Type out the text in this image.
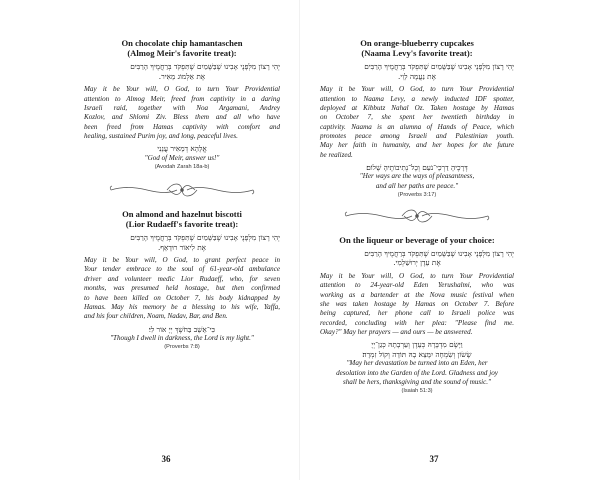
On chocolate chip hamantaschen
(Almog Meir's favorite treat):
יְהִי רָצוֹן מִלְּפָנֶי אָבִינוּ שֶׁבַּשָּׁמַיִם שֶׁתִּפְקֹד בְּרַחֲמֶיךָ הָרַבִּים
אֶת אַלְמוֹג מֵאִיר.
May it be Your will, O God, to turn Your Providential
attention to Almog Meir, freed from captivity in a daring
Israeli raid, together with Noa Argamani, Andrey
Kozlov, and Shlomi Ziv. Bless them and all who have
been freed from Hamas captivity with comfort and
healing, sustained Purim joy, and long, peaceful lives.
אֱלָהָא דְמֵאִיר עֲנֵנִי
"God of Meir, answer us!"
(Avodah Zarah 18a-b)
On almond and hazelnut biscotti
(Lior Rudaeff's favorite treat):
יְהִי רָצוֹן מִלְּפָנֶי אָבִינוּ שֶׁבַּשָּׁמַיִם שֶׁתִּפְקֹד בְּרַחֲמֶיךָ הָרַבִּים
אֶת לִיאוֹר רוּדָאֵף.
May it be Your will, O God, to grant perfect peace in
Your tender embrace to the soul of 61-year-old ambulance
driver and volunteer medic Lior Rudaeff, who, for seven
months, was presumed held hostage, but then confirmed
to have been killed on October 7, his body kidnapped by
Hamas. May his memory be a blessing to his wife, Yaffa,
and his four children, Noam, Nadav, Bar, and Ben.
כִּי־אֵשֵׁב בַּחֹשֶׁךְ יְיָ אוֹר לִי׃
"Though I dwell in darkness, the Lord is my light."
(Proverbs 7:8)
36
On orange-blueberry cupcakes
(Naama Levy's favorite treat):
יְהִי רָצוֹן מִלְּפָנֶי אָבִינוּ שֶׁבַּשָּׁמַיִם שֶׁתִּפְקֹד בְּרַחֲמֶיךָ הָרַבִּים
אֶת נַעֲמָה לֵוִי.
May it be Your will, O God, to turn Your Providential
attention to Naama Levy, a newly inducted IDF spotter,
deployed at Kibbutz Nahal Oz. Taken hostage by Hamas
on October 7, she spent her twentieth birthday in
captivity. Naama is an alumna of Hands of Peace, which
promotes peace among Israeli and Palestinian youth.
May her faith in humanity, and her hopes for the future
be realized.
דְּרָכֶיהָ דַרְכֵי־נֹעַם וְכָל־נְתִיבוֹתֶיהָ שָׁלוֹם׃
"Her ways are the ways of pleasantness,
and all her paths are peace."
(Proverbs 3:17)
On the liqueur or beverage of your choice:
יְהִי רָצוֹן מִלְּפָנֶי אָבִינוּ שֶׁבַּשָּׁמַיִם שֶׁתִּפְקֹד בְּרַחֲמֶיךָ הָרַבִּים
אֶת עֵדֶן יְרוּשַׁלְמִי.
May it be Your will, O God, to turn Your Providential
attention to 24-year-old Eden Yerushalmi, who was
working as a bartender at the Nova music festival when
she was taken hostage by Hamas on October 7. Before
being captured, her phone call to Israeli police was
recorded, concluding with her plea: "Please find me.
Okay?" May her prayers — and ours — be answered.
וַיָּשֶׂם מִדְבָּרָהּ כְּעֵדֶן וְעַרְבָתָהּ כְּגַן־יְיָ
שָׂשׂוֹן וְשִׂמְחָה יִמָּצֵא בָהּ תּוֹדָה וְקוֹל זִמְרָה׃
"May her devastation be turned into an Eden, her
desolation into the Garden of the Lord. Gladness and joy
shall be hers, thanksgiving and the sound of music."
(Isaiah 51:3)
37
